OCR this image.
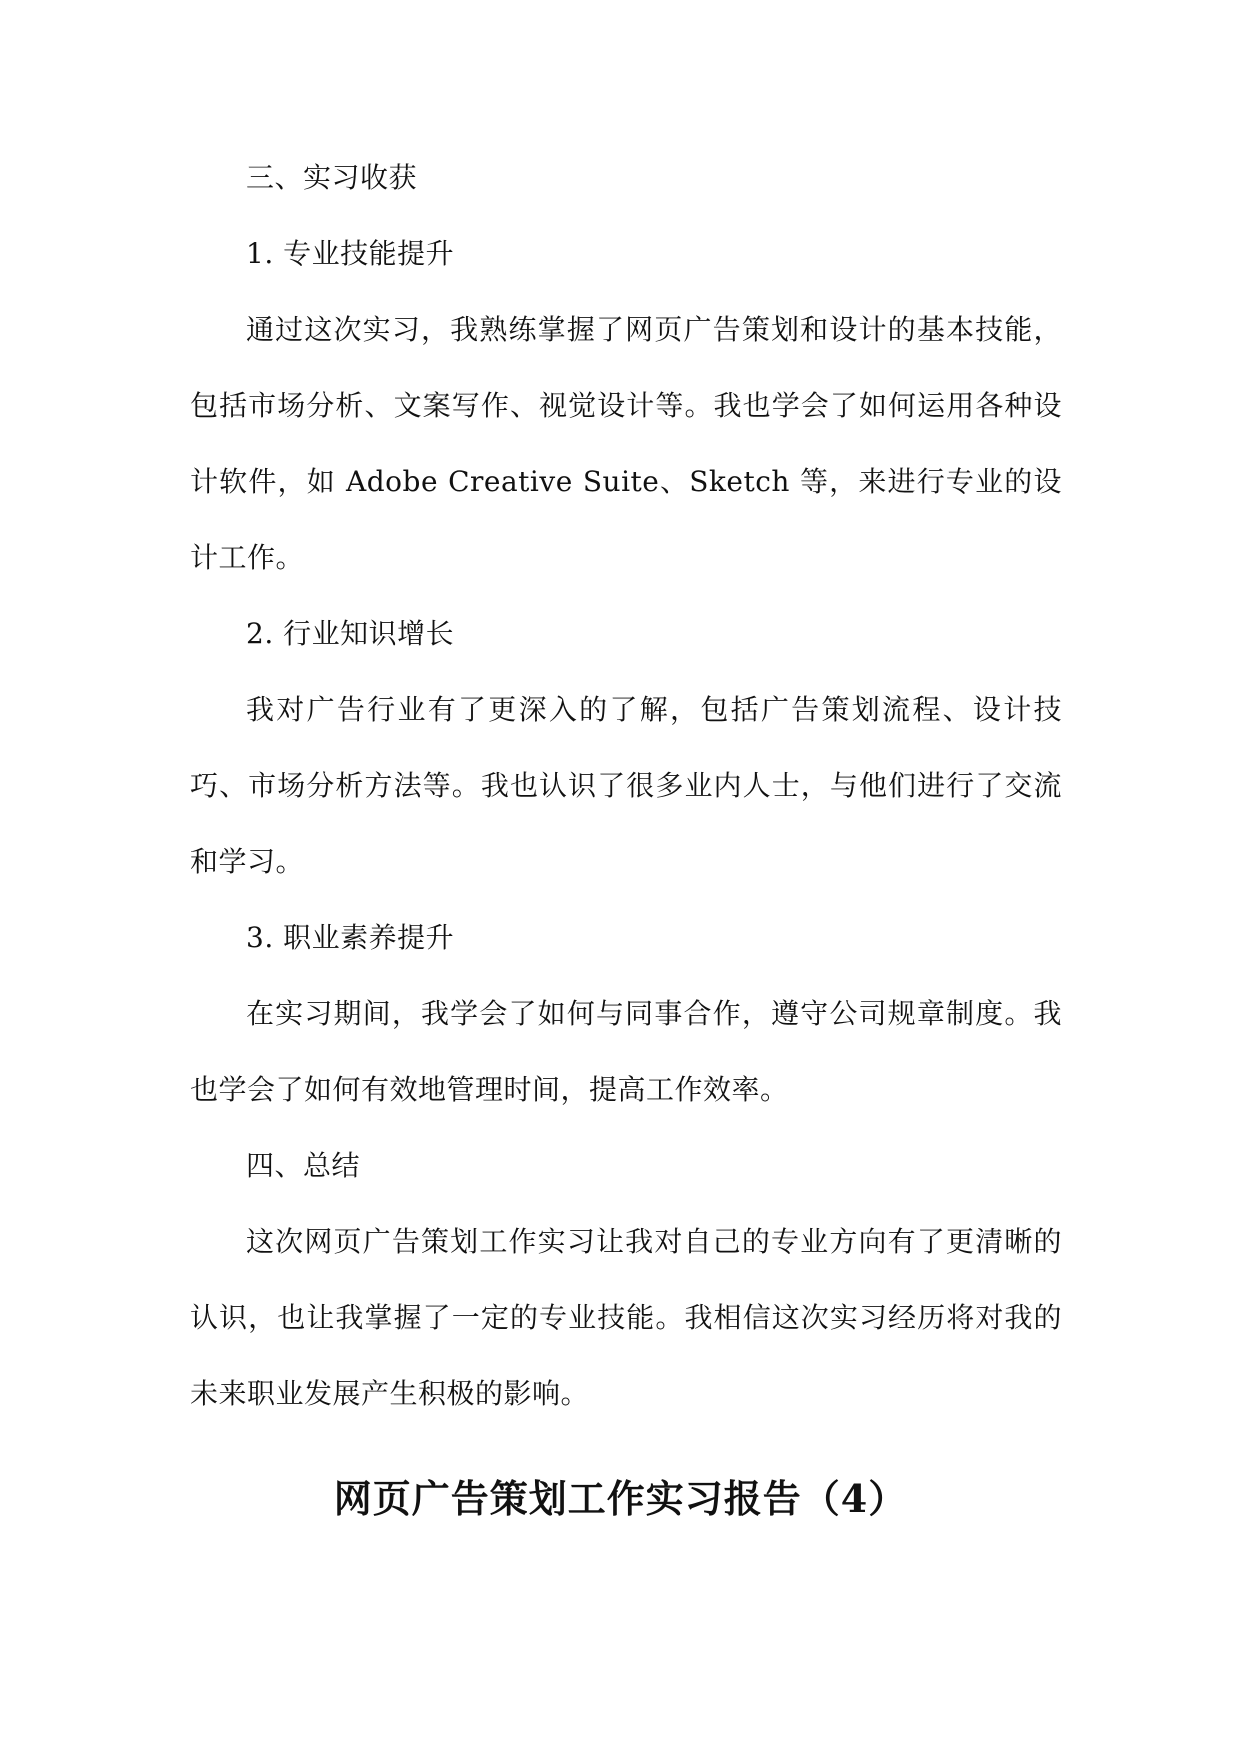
三、实习收获

1. 专业技能提升

通过这次实习，我熟练掌握了网页广告策划和设计的基本技能，包括市场分析、文案写作、视觉设计等。我也学会了如何运用各种设计软件，如 Adobe Creative Suite、Sketch 等，来进行专业的设计工作。

2. 行业知识增长

我对广告行业有了更深入的了解，包括广告策划流程、设计技巧、市场分析方法等。我也认识了很多业内人士，与他们进行了交流和学习。

3. 职业素养提升

在实习期间，我学会了如何与同事合作，遵守公司规章制度。我也学会了如何有效地管理时间，提高工作效率。

四、总结

这次网页广告策划工作实习让我对自己的专业方向有了更清晰的认识，也让我掌握了一定的专业技能。我相信这次实习经历将对我的未来职业发展产生积极的影响。

网页广告策划工作实习报告（4）
